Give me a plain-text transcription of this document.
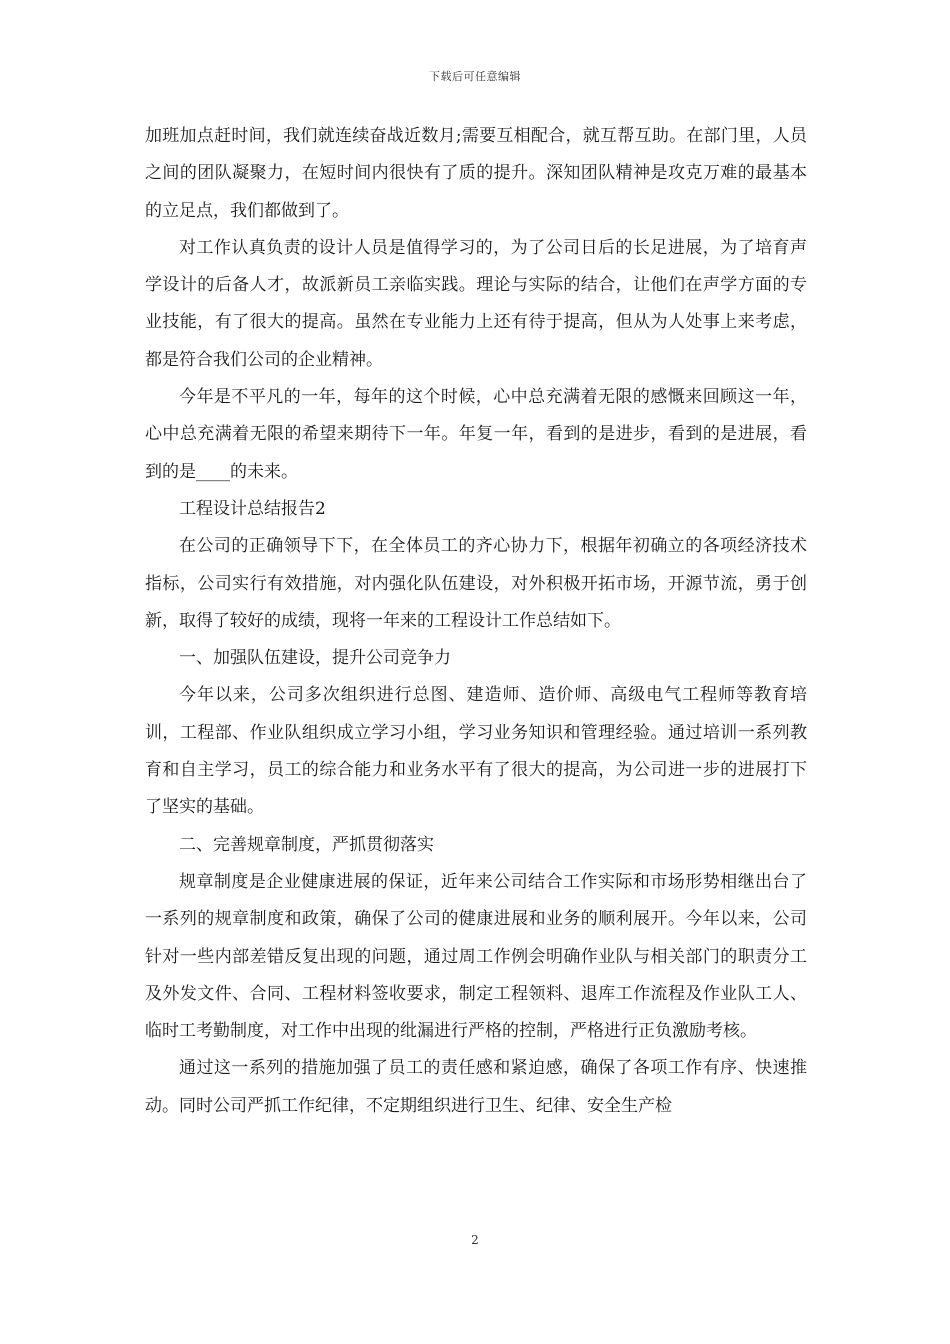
下载后可任意编辑

加班加点赶时间，我们就连续奋战近数月;需要互相配合，就互帮互助。在部门里，人员之间的团队凝聚力，在短时间内很快有了质的提升。深知团队精神是攻克万难的最基本的立足点，我们都做到了。

对工作认真负责的设计人员是值得学习的，为了公司日后的长足进展，为了培育声学设计的后备人才，故派新员工亲临实践。理论与实际的结合，让他们在声学方面的专业技能，有了很大的提高。虽然在专业能力上还有待于提高，但从为人处事上来考虑，都是符合我们公司的企业精神。

今年是不平凡的一年，每年的这个时候，心中总充满着无限的感慨来回顾这一年，心中总充满着无限的希望来期待下一年。年复一年，看到的是进步，看到的是进展，看到的是____的未来。

工程设计总结报告2

在公司的正确领导下下，在全体员工的齐心协力下，根据年初确立的各项经济技术指标，公司实行有效措施，对内强化队伍建设，对外积极开拓市场，开源节流，勇于创新，取得了较好的成绩，现将一年来的工程设计工作总结如下。

一、加强队伍建设，提升公司竞争力

今年以来，公司多次组织进行总图、建造师、造价师、高级电气工程师等教育培训，工程部、作业队组织成立学习小组，学习业务知识和管理经验。通过培训一系列教育和自主学习，员工的综合能力和业务水平有了很大的提高，为公司进一步的进展打下了坚实的基础。

二、完善规章制度，严抓贯彻落实

规章制度是企业健康进展的保证，近年来公司结合工作实际和市场形势相继出台了一系列的规章制度和政策，确保了公司的健康进展和业务的顺利展开。今年以来，公司针对一些内部差错反复出现的问题，通过周工作例会明确作业队与相关部门的职责分工及外发文件、合同、工程材料签收要求，制定工程领料、退库工作流程及作业队工人、临时工考勤制度，对工作中出现的纰漏进行严格的控制，严格进行正负激励考核。

通过这一系列的措施加强了员工的责任感和紧迫感，确保了各项工作有序、快速推动。同时公司严抓工作纪律，不定期组织进行卫生、纪律、安全生产检

2
